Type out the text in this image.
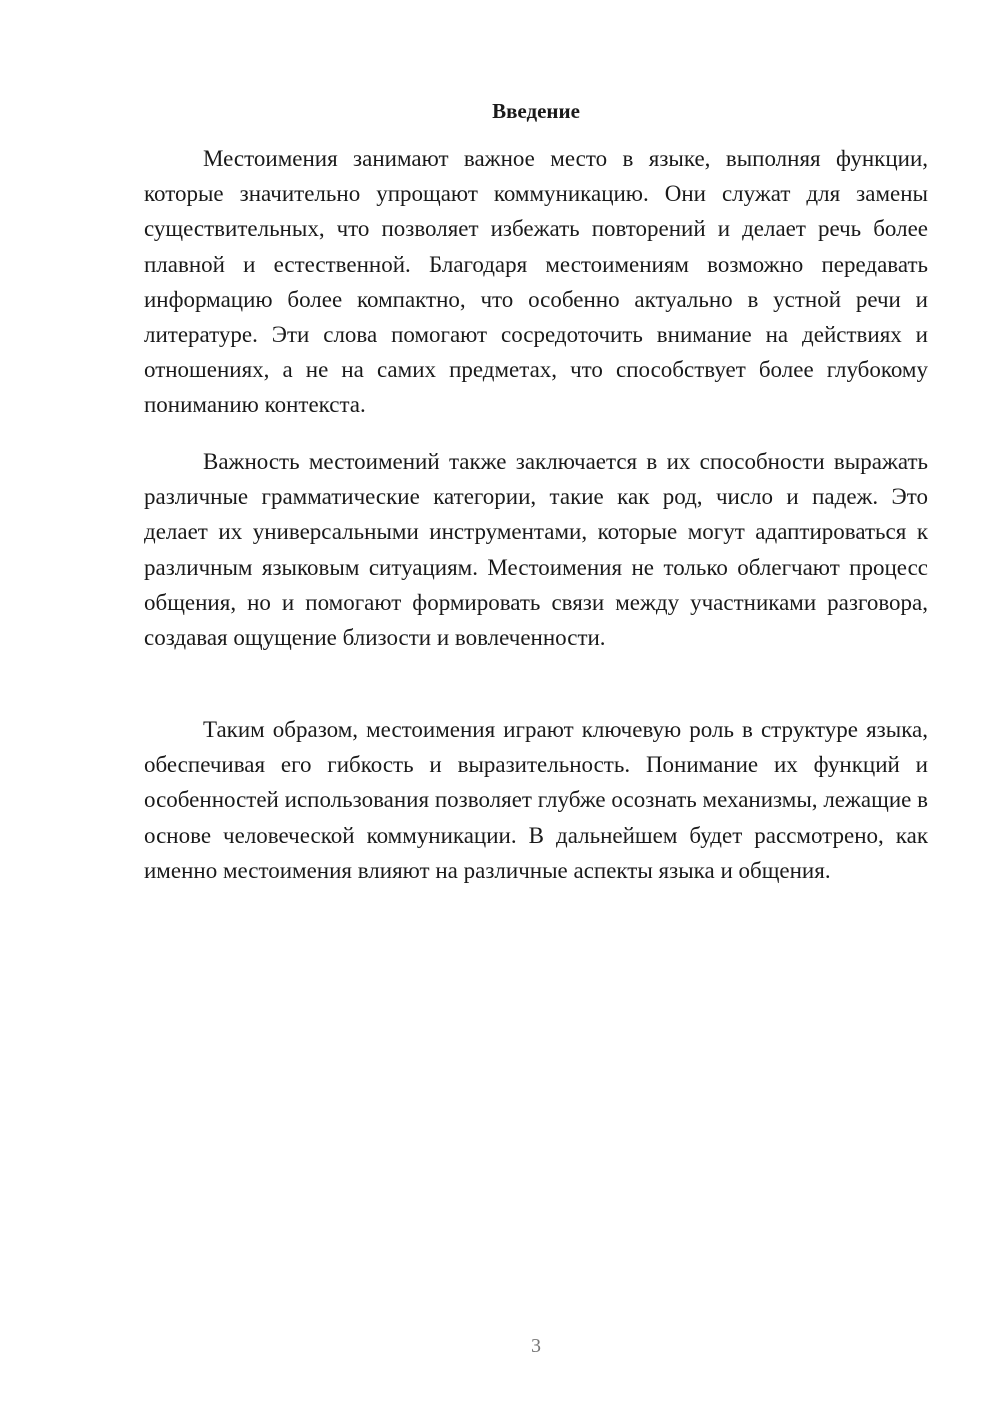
Введение

Местоимения занимают важное место в языке, выполняя функции, которые значительно упрощают коммуникацию. Они служат для замены существительных, что позволяет избежать повторений и делает речь более плавной и естественной. Благодаря местоимениям возможно передавать информацию более компактно, что особенно актуально в устной речи и литературе. Эти слова помогают сосредоточить внимание на действиях и отношениях, а не на самих предметах, что способствует более глубокому пониманию контекста.

Важность местоимений также заключается в их способности выражать различные грамматические категории, такие как род, число и падеж. Это делает их универсальными инструментами, которые могут адаптироваться к различным языковым ситуациям. Местоимения не только облегчают процесс общения, но и помогают формировать связи между участниками разговора, создавая ощущение близости и вовлеченности.

Таким образом, местоимения играют ключевую роль в структуре языка, обеспечивая его гибкость и выразительность. Понимание их функций и особенностей использования позволяет глубже осознать механизмы, лежащие в основе человеческой коммуникации. В дальнейшем будет рассмотрено, как именно местоимения влияют на различные аспекты языка и общения.

3
